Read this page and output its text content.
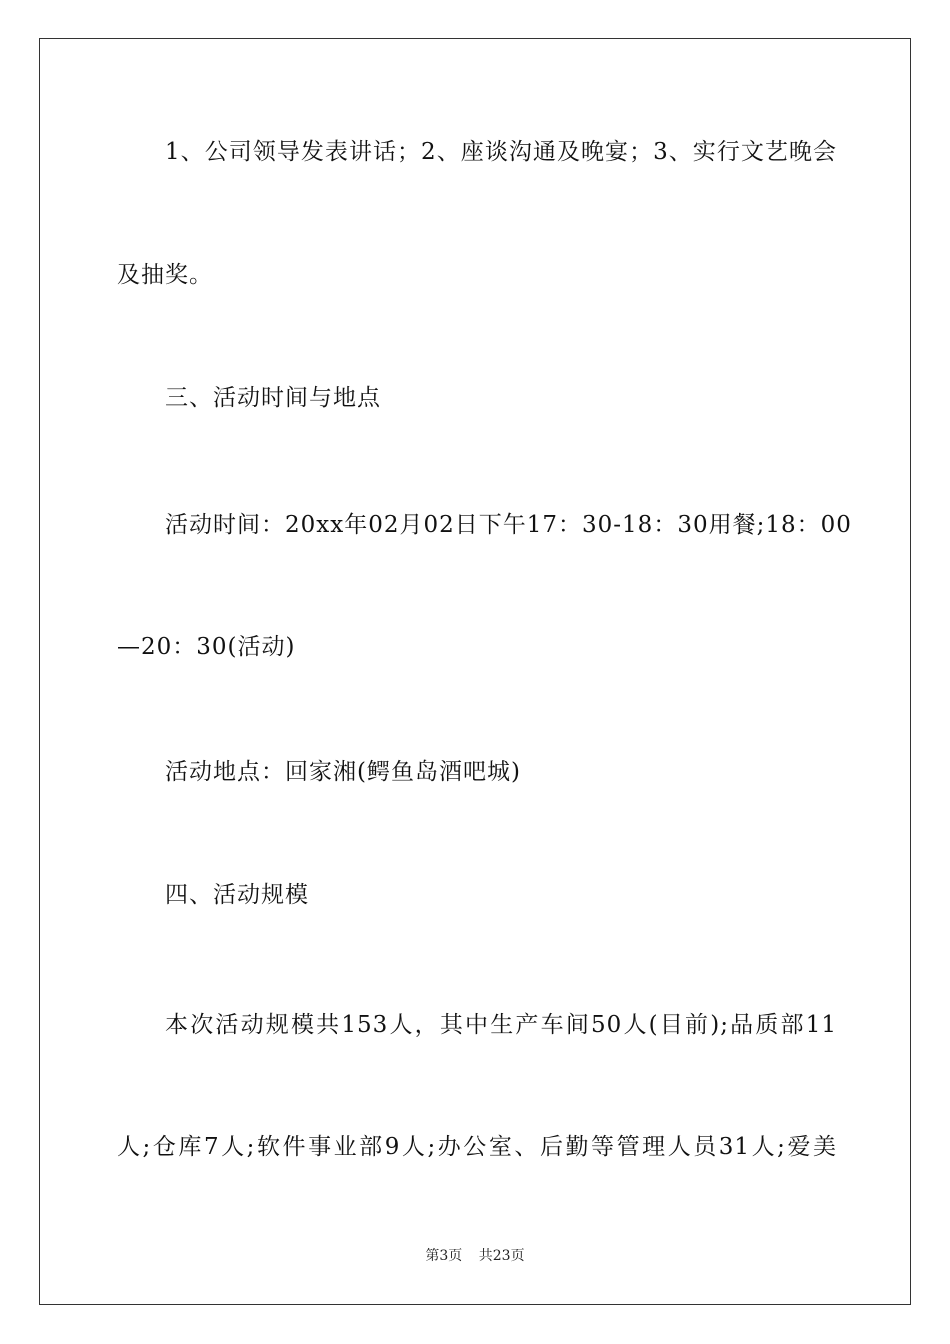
1、公司领导发表讲话；2、座谈沟通及晚宴；3、实行文艺晚会
及抽奖。
三、活动时间与地点
活动时间：20xx年02月02日下午17：30-18：30用餐;18：00
—20：30(活动)
活动地点：回家湘(鳄鱼岛酒吧城)
四、活动规模
本次活动规模共153人，其中生产车间50人(目前);品质部11
人;仓库7人;软件事业部9人;办公室、后勤等管理人员31人;爱美
第3页 共23页
